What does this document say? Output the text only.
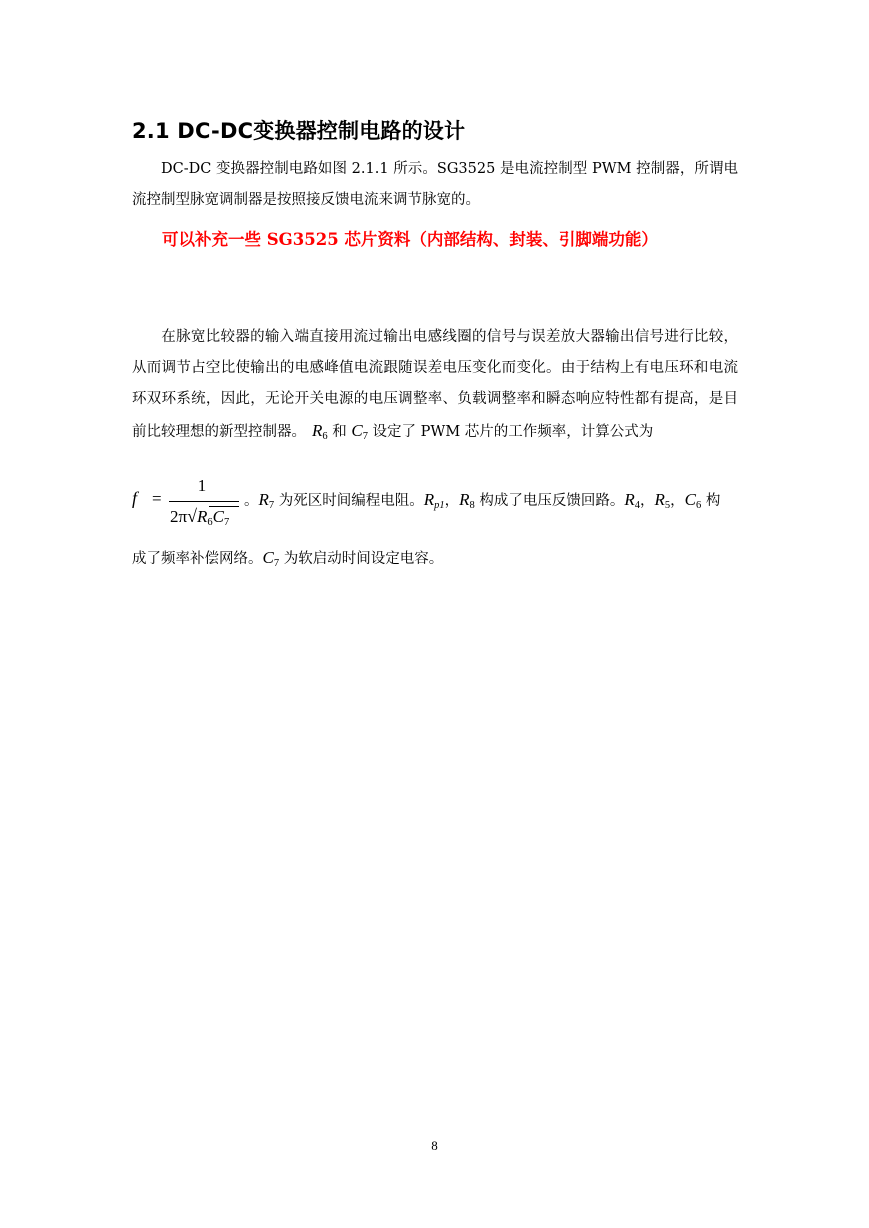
2.1 DC-DC变换器控制电路的设计
DC-DC 变换器控制电路如图 2.1.1 所示。SG3525 是电流控制型 PWM 控制器，所谓电流控制型脉宽调制器是按照接反馈电流来调节脉宽的。
可以补充一些 SG3525 芯片资料（内部结构、封装、引脚端功能）
在脉宽比较器的输入端直接用流过输出电感线圈的信号与误差放大器输出信号进行比较，从而调节占空比使输出的电感峰值电流跟随误差电压变化而变化。由于结构上有电压环和电流环双环系统，因此，无论开关电源的电压调整率、负载调整率和瞬态响应特性都有提高，是目前比较理想的新型控制器。 $R_6$ 和 $C_7$ 设定了 PWM 芯片的工作频率，计算公式为
f =
1
$2\pi√R_6C_7$
。$R_7$ 为死区时间编程电阻。Rp1，$R_8$ 构成了电压反馈回路。$R_4$，$R_5$，$C_6$ 构
成了频率补偿网络。$C_7$ 为软启动时间设定电容。
8
